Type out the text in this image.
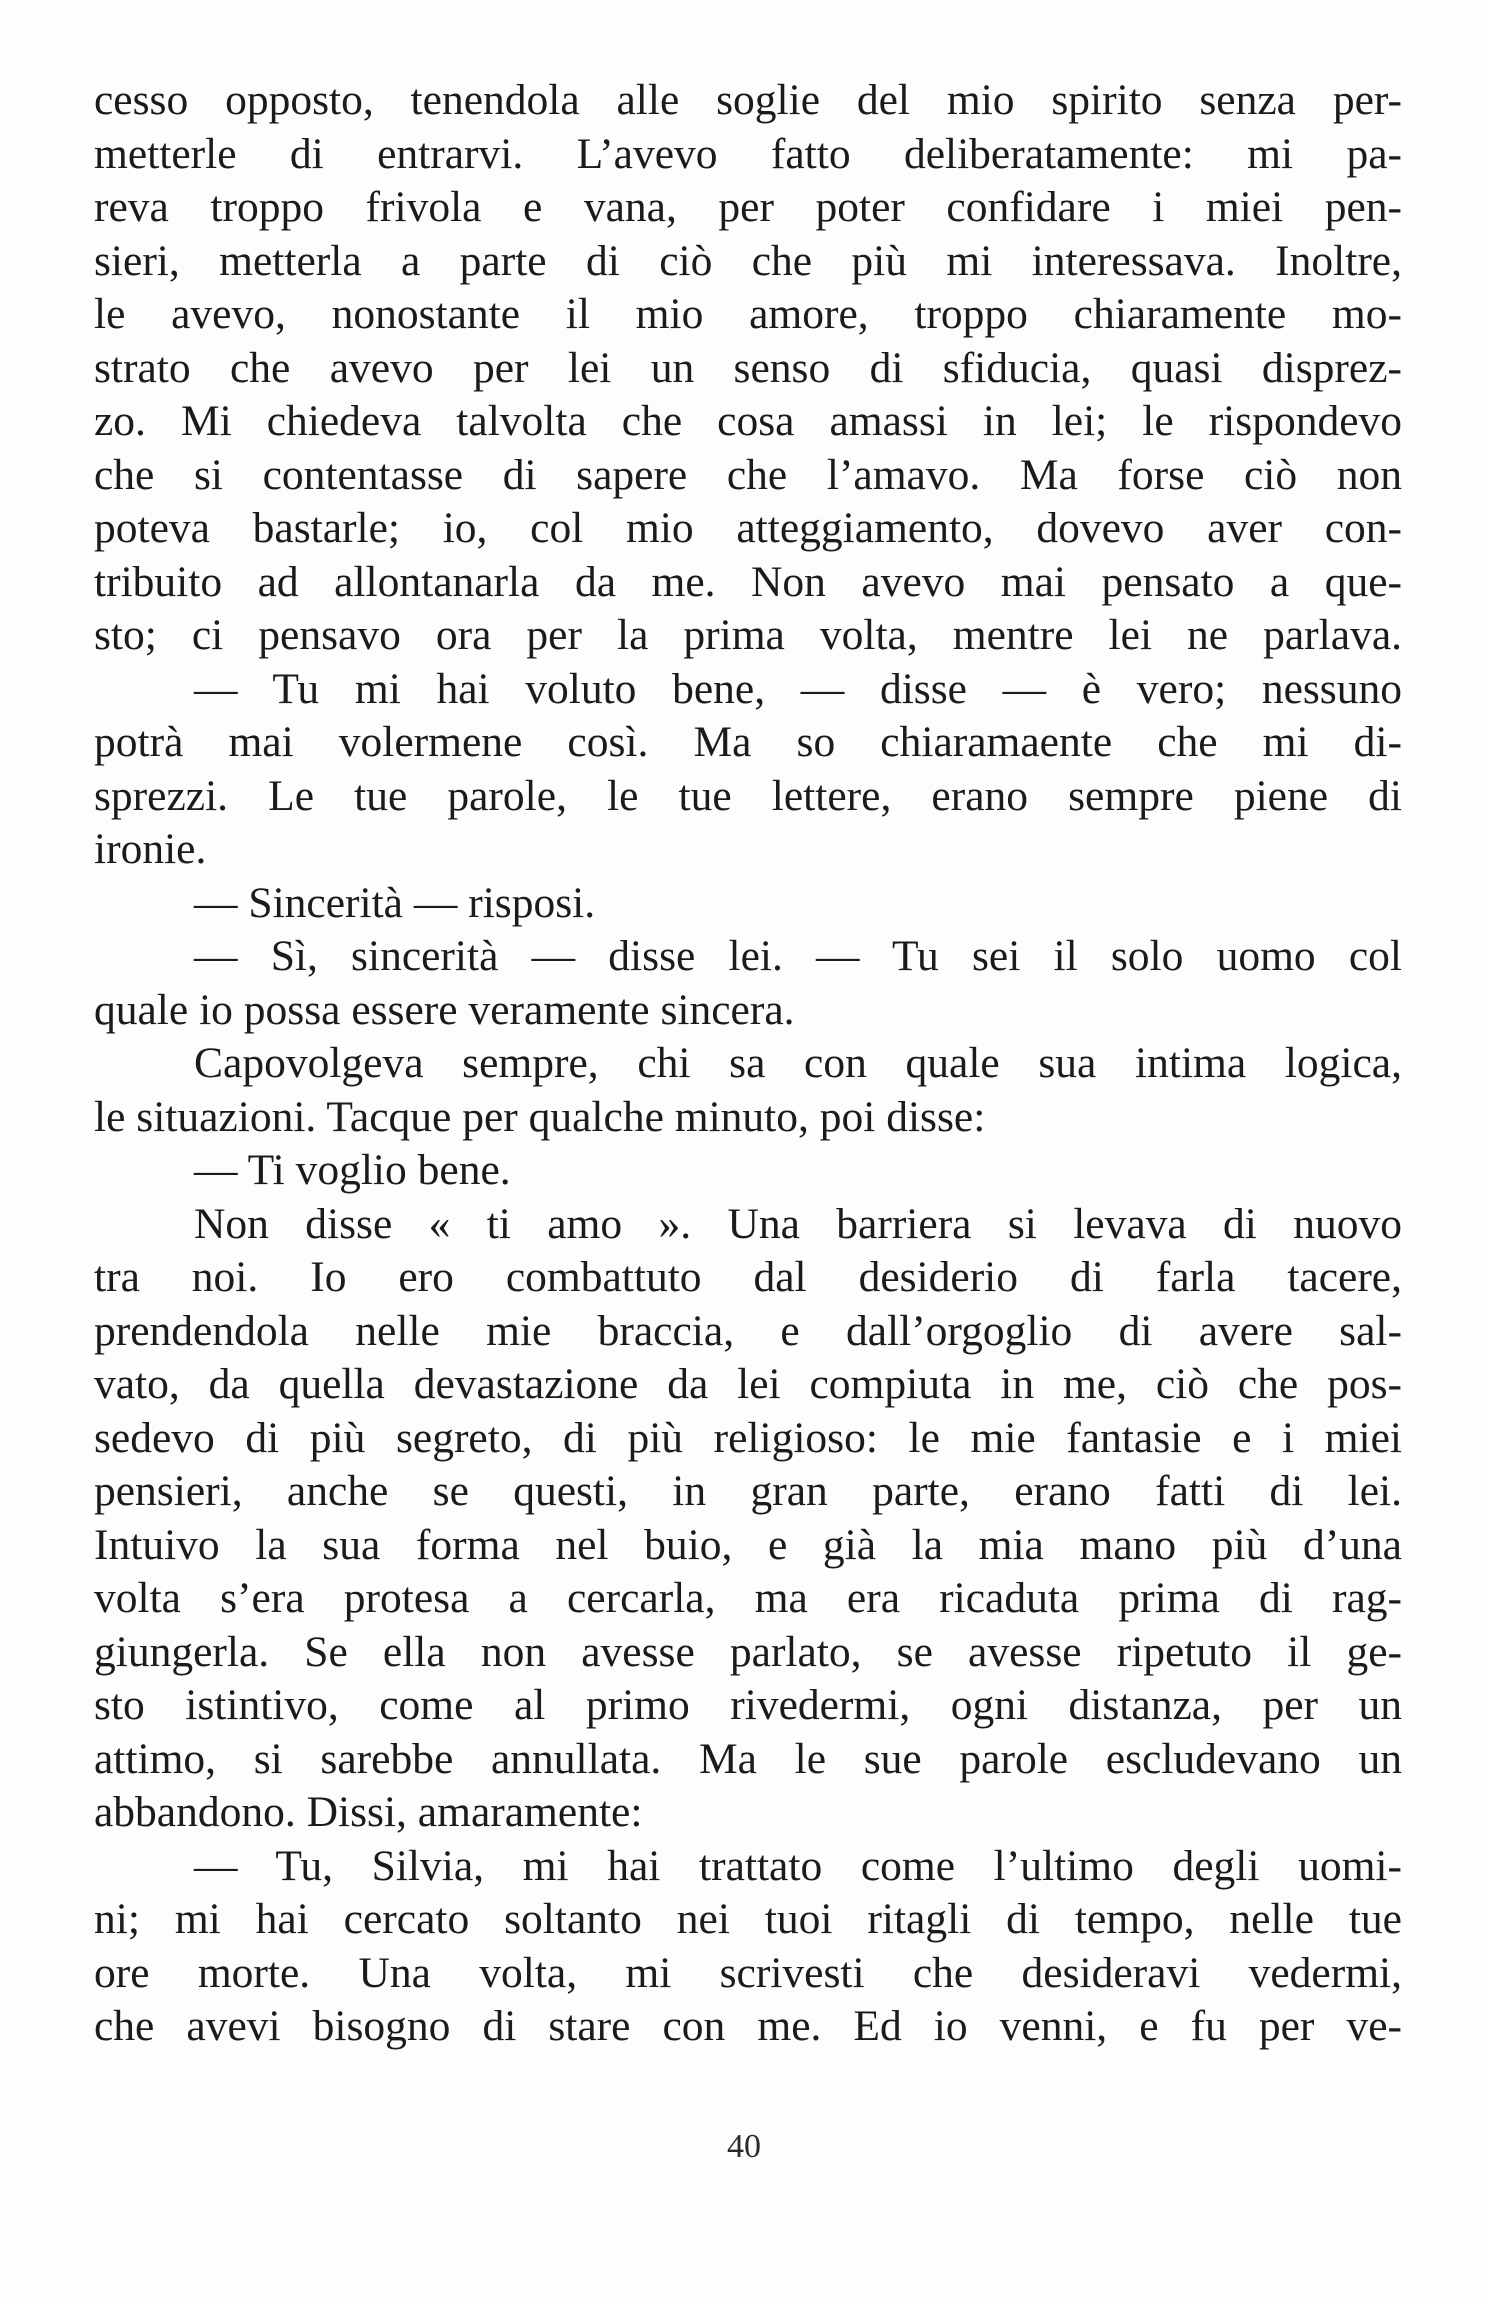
cesso opposto, tenendola alle soglie del mio spirito senza per-
metterle di entrarvi. L’avevo fatto deliberatamente: mi pa-
reva troppo frivola e vana, per poter confidare i miei pen-
sieri, metterla a parte di ciò che più mi interessava. Inoltre,
le avevo, nonostante il mio amore, troppo chiaramente mo-
strato che avevo per lei un senso di sfiducia, quasi disprez-
zo. Mi chiedeva talvolta che cosa amassi in lei; le rispondevo
che si contentasse di sapere che l’amavo. Ma forse ciò non
poteva bastarle; io, col mio atteggiamento, dovevo aver con-
tribuito ad allontanarla da me. Non avevo mai pensato a que-
sto; ci pensavo ora per la prima volta, mentre lei ne parlava.
— Tu mi hai voluto bene, — disse — è vero; nessuno
potrà mai volermene così. Ma so chiaramaente che mi di-
sprezzi. Le tue parole, le tue lettere, erano sempre piene di
ironie.
— Sincerità — risposi.
— Sì, sincerità — disse lei. — Tu sei il solo uomo col
quale io possa essere veramente sincera.
Capovolgeva sempre, chi sa con quale sua intima logica,
le situazioni. Tacque per qualche minuto, poi disse:
— Ti voglio bene.
Non disse « ti amo ». Una barriera si levava di nuovo
tra noi. Io ero combattuto dal desiderio di farla tacere,
prendendola nelle mie braccia, e dall’orgoglio di avere sal-
vato, da quella devastazione da lei compiuta in me, ciò che pos-
sedevo di più segreto, di più religioso: le mie fantasie e i miei
pensieri, anche se questi, in gran parte, erano fatti di lei.
Intuivo la sua forma nel buio, e già la mia mano più d’una
volta s’era protesa a cercarla, ma era ricaduta prima di rag-
giungerla. Se ella non avesse parlato, se avesse ripetuto il ge-
sto istintivo, come al primo rivedermi, ogni distanza, per un
attimo, si sarebbe annullata. Ma le sue parole escludevano un
abbandono. Dissi, amaramente:
— Tu, Silvia, mi hai trattato come l’ultimo degli uomi-
ni; mi hai cercato soltanto nei tuoi ritagli di tempo, nelle tue
ore morte. Una volta, mi scrivesti che desideravi vedermi,
che avevi bisogno di stare con me. Ed io venni, e fu per ve-
40
